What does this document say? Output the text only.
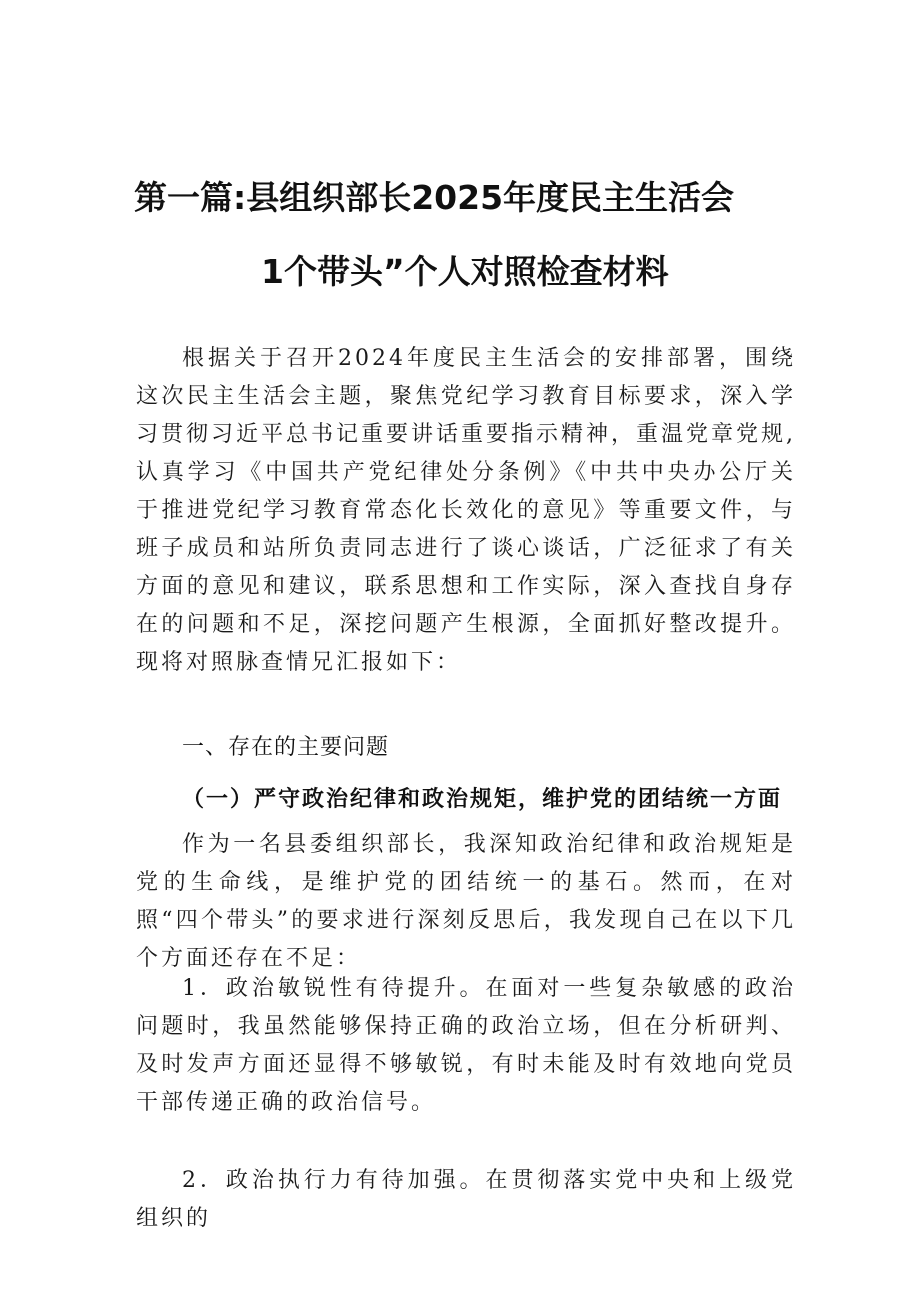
第一篇:县组织部长2025年度民主生活会
1个带头”个人对照检查材料

根据关于召开2024年度民主生活会的安排部署，围绕这次民主生活会主题，聚焦党纪学习教育目标要求，深入学习贯彻习近平总书记重要讲话重要指示精神，重温党章党规,认真学习《中国共产党纪律处分条例》《中共中央办公厅关于推进党纪学习教育常态化长效化的意见》等重要文件，与班子成员和站所负责同志进行了谈心谈话，广泛征求了有关方面的意见和建议，联系思想和工作实际，深入查找自身存在的问题和不足，深挖问题产生根源，全面抓好整改提升。现将对照脉查情兄汇报如下：

一、存在的主要问题
（一）严守政治纪律和政治规矩，维护党的团结统一方面

作为一名县委组织部长，我深知政治纪律和政治规矩是党的生命线，是维护党的团结统一的基石。然而，在对照“四个带头”的要求进行深刻反思后，我发现自己在以下几个方面还存在不足：

1．政治敏锐性有待提升。在面对一些复杂敏感的政治问题时，我虽然能够保持正确的政治立场，但在分析研判、及时发声方面还显得不够敏锐，有时未能及时有效地向党员干部传递正确的政治信号。

2．政治执行力有待加强。在贯彻落实党中央和上级党组织的
